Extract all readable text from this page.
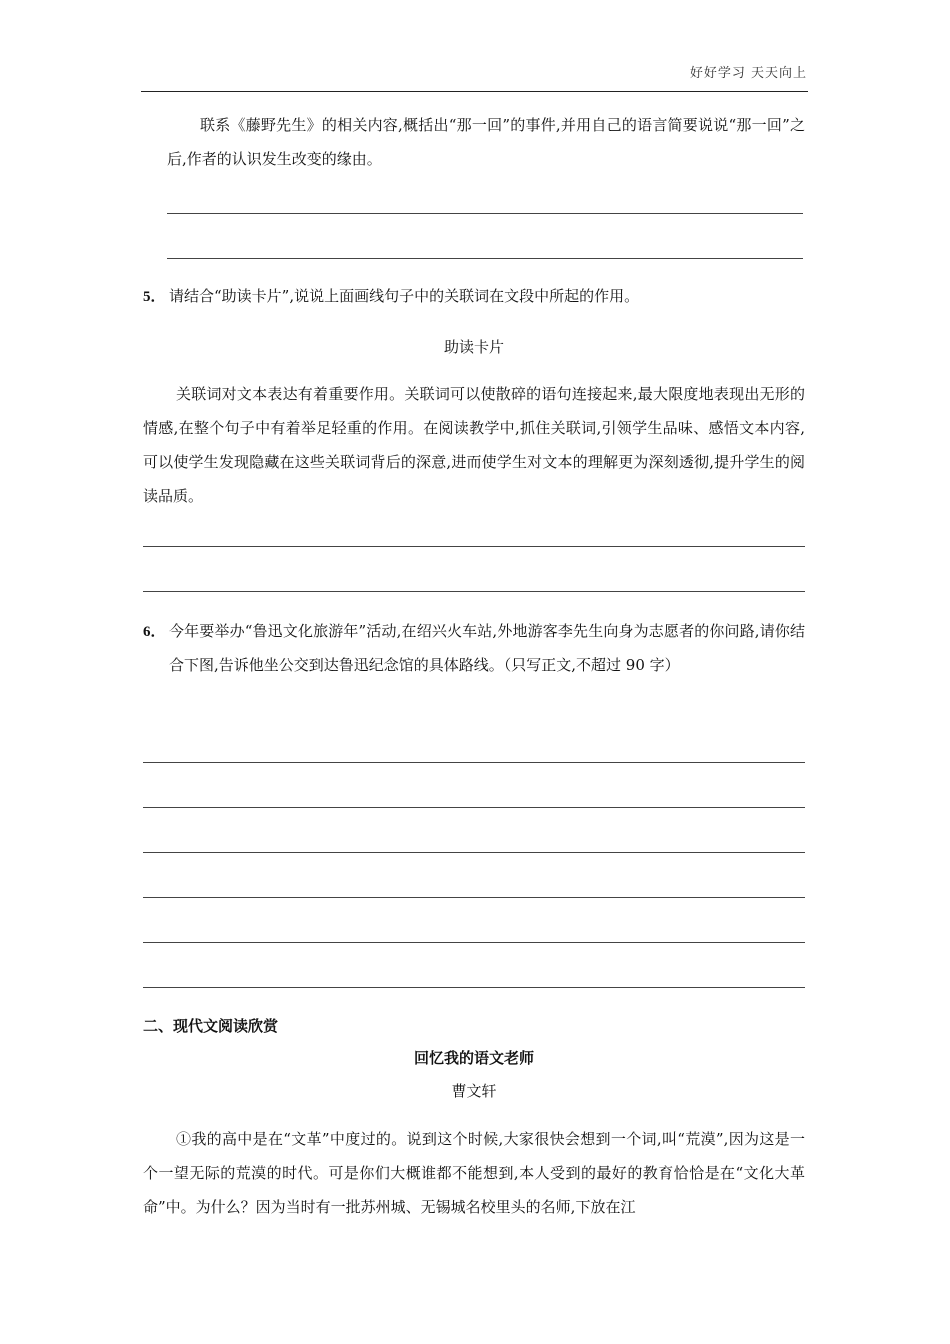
好好学习 天天向上
联系《藤野先生》的相关内容,概括出“那一回”的事件,并用自己的语言简要说说“那一回”之后,作者的认识发生改变的缘由。
5． 请结合“助读卡片”,说说上面画线句子中的关联词在文段中所起的作用。
助读卡片
关联词对文本表达有着重要作用。关联词可以使散碎的语句连接起来,最大限度地表现出无形的情感,在整个句子中有着举足轻重的作用。在阅读教学中,抓住关联词,引领学生品味、感悟文本内容,可以使学生发现隐藏在这些关联词背后的深意,进而使学生对文本的理解更为深刻透彻,提升学生的阅读品质。
6． 今年要举办“鲁迅文化旅游年”活动,在绍兴火车站,外地游客李先生向身为志愿者的你问路,请你结合下图,告诉他坐公交到达鲁迅纪念馆的具体路线。（只写正文,不超过 90 字）
二、现代文阅读欣赏
回忆我的语文老师
曹文轩
①我的高中是在“文革”中度过的。说到这个时候,大家很快会想到一个词,叫“荒漠”,因为这是一个一望无际的荒漠的时代。可是你们大概谁都不能想到,本人受到的最好的教育恰恰是在“文化大革命”中。为什么？因为当时有一批苏州城、无锡城名校里头的名师,下放在江
